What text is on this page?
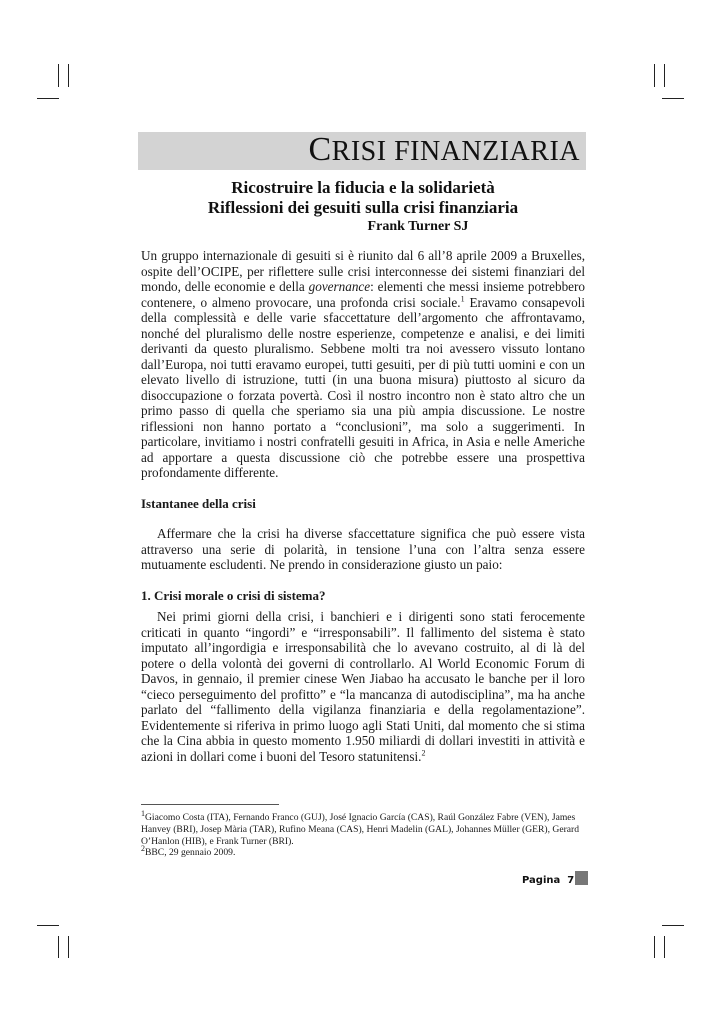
CRISI FINANZIARIA
Ricostruire la fiducia e la solidarietà
Riflessioni dei gesuiti sulla crisi finanziaria
Frank Turner SJ

Un gruppo internazionale di gesuiti si è riunito dal 6 all’8 aprile 2009 a Bruxelles, ospite dell’OCIPE, per riflettere sulle crisi interconnesse dei sistemi finanziari del mondo, delle economie e della governance: elementi che messi insieme potrebbero contenere, o almeno provocare, una profonda crisi sociale.$^1$ Eravamo consapevoli della complessità e delle varie sfaccettature dell’argomento che affrontavamo, nonché del pluralismo delle nostre esperienze, competenze e analisi, e dei limiti derivanti da questo pluralismo. Sebbene molti tra noi avessero vissuto lontano dall’Europa, noi tutti eravamo europei, tutti gesuiti, per di più tutti uomini e con un elevato livello di istruzione, tutti (in una buona misura) piuttosto al sicuro da disoccupazione o forzata povertà. Così il nostro incontro non è stato altro che un primo passo di quella che speriamo sia una più ampia discussione. Le nostre riflessioni non hanno portato a “conclusioni”, ma solo a suggerimenti. In particolare, invitiamo i nostri confratelli gesuiti in Africa, in Asia e nelle Americhe ad apportare a questa discussione ciò che potrebbe essere una prospettiva profondamente differente.

Istantanee della crisi

Affermare che la crisi ha diverse sfaccettature significa che può essere vista attraverso una serie di polarità, in tensione l’una con l’altra senza essere mutuamente escludenti. Ne prendo in considerazione giusto un paio:

1. Crisi morale o crisi di sistema?

Nei primi giorni della crisi, i banchieri e i dirigenti sono stati ferocemente criticati in quanto “ingordi” e “irresponsabili”. Il fallimento del sistema è stato imputato all’ingordigia e irresponsabilità che lo avevano costruito, al di là del potere o della volontà dei governi di controllarlo. Al World Economic Forum di Davos, in gennaio, il premier cinese Wen Jiabao ha accusato le banche per il loro “cieco perseguimento del profitto” e “la mancanza di autodisciplina”, ma ha anche parlato del “fallimento della vigilanza finanziaria e della regolamentazione”. Evidentemente si riferiva in primo luogo agli Stati Uniti, dal momento che si stima che la Cina abbia in questo momento 1.950 miliardi di dollari investiti in attività e azioni in dollari come i buoni del Tesoro statunitensi.$^2$

$^1$Giacomo Costa (ITA), Fernando Franco (GUJ), José Ignacio García (CAS), Raúl González Fabre (VEN), James Hanvey (BRI), Josep Mària (TAR), Rufino Meana (CAS), Henri Madelin (GAL), Johannes Müller (GER), Gerard O’Hanlon (HIB), e Frank Turner (BRI).

$^2$BBC, 29 gennaio 2009.

Pagina  7
